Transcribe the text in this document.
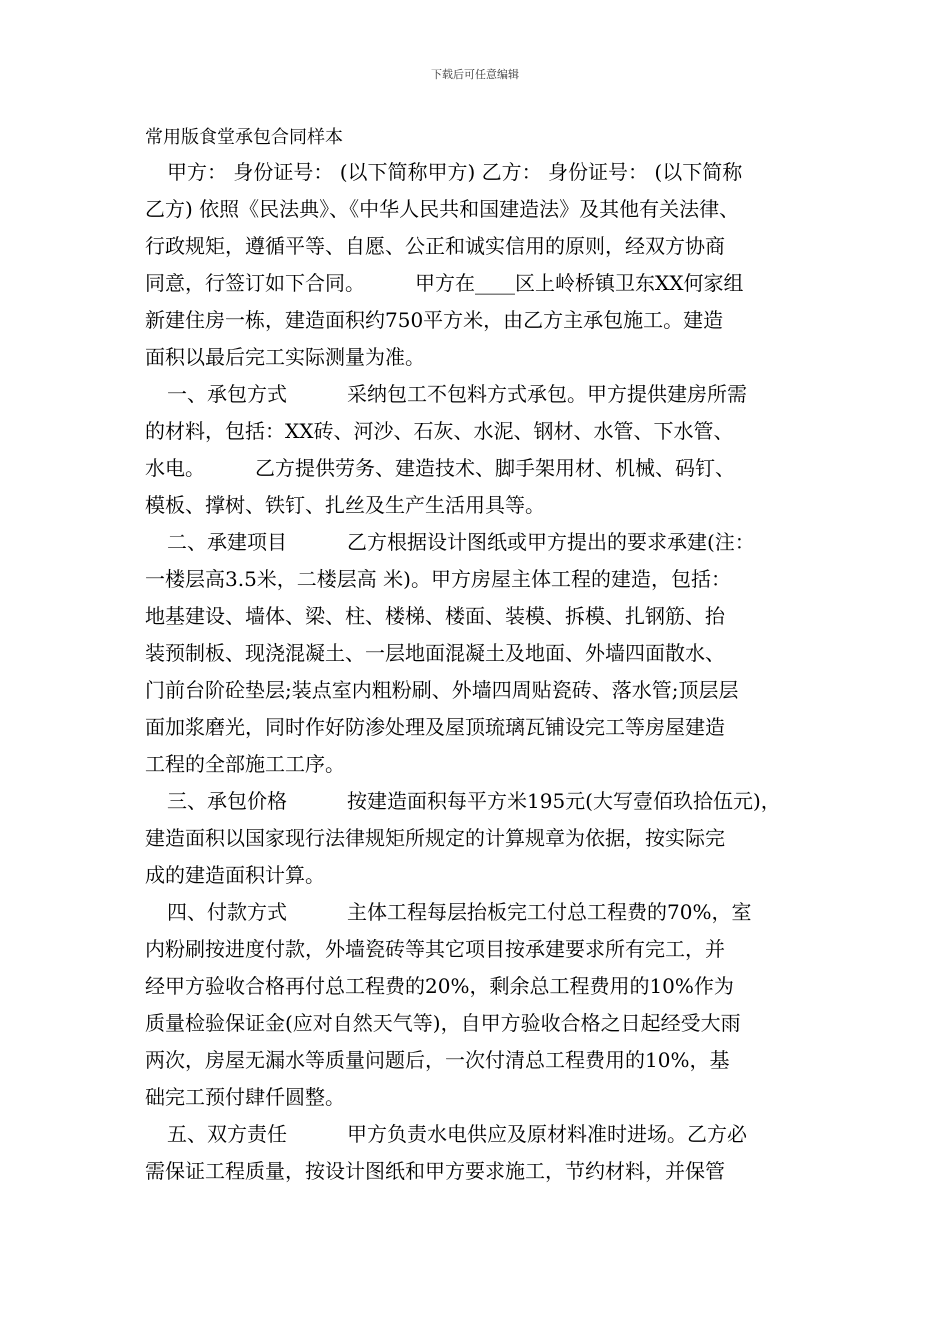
下载后可任意编辑
常用版食堂承包合同样本
甲方： 身份证号： (以下简称甲方) 乙方： 身份证号： (以下简称
乙方) 依照《民法典》、《中华人民共和国建造法》及其他有关法律、
行政规矩，遵循平等、自愿、公正和诚实信用的原则，经双方协商
同意，行签订如下合同。　　　甲方在____区上岭桥镇卫东XX何家组
新建住房一栋，建造面积约750平方米，由乙方主承包施工。建造
面积以最后完工实际测量为准。
一、承包方式　　　采纳包工不包料方式承包。甲方提供建房所需
的材料，包括：XX砖、河沙、石灰、水泥、钢材、水管、下水管、
水电。　　　乙方提供劳务、建造技术、脚手架用材、机械、码钉、
模板、撑树、铁钉、扎丝及生产生活用具等。
二、承建项目　　　乙方根据设计图纸或甲方提出的要求承建(注：
一楼层高3.5米，二楼层高 米)。甲方房屋主体工程的建造，包括：
地基建设、墙体、梁、柱、楼梯、楼面、装模、拆模、扎钢筋、抬
装预制板、现浇混凝土、一层地面混凝土及地面、外墙四面散水、
门前台阶砼垫层;装点室内粗粉刷、外墙四周贴瓷砖、落水管;顶层层
面加浆磨光，同时作好防渗处理及屋顶琉璃瓦铺设完工等房屋建造
工程的全部施工工序。
三、承包价格　　　按建造面积每平方米195元(大写壹佰玖拾伍元)，
建造面积以国家现行法律规矩所规定的计算规章为依据，按实际完
成的建造面积计算。
四、付款方式　　　主体工程每层抬板完工付总工程费的70%，室
内粉刷按进度付款，外墙瓷砖等其它项目按承建要求所有完工，并
经甲方验收合格再付总工程费的20%，剩余总工程费用的10%作为
质量检验保证金(应对自然天气等)，自甲方验收合格之日起经受大雨
两次，房屋无漏水等质量问题后，一次付清总工程费用的10%，基
础完工预付肆仟圆整。
五、双方责任　　　甲方负责水电供应及原材料准时进场。乙方必
需保证工程质量，按设计图纸和甲方要求施工，节约材料，并保管
